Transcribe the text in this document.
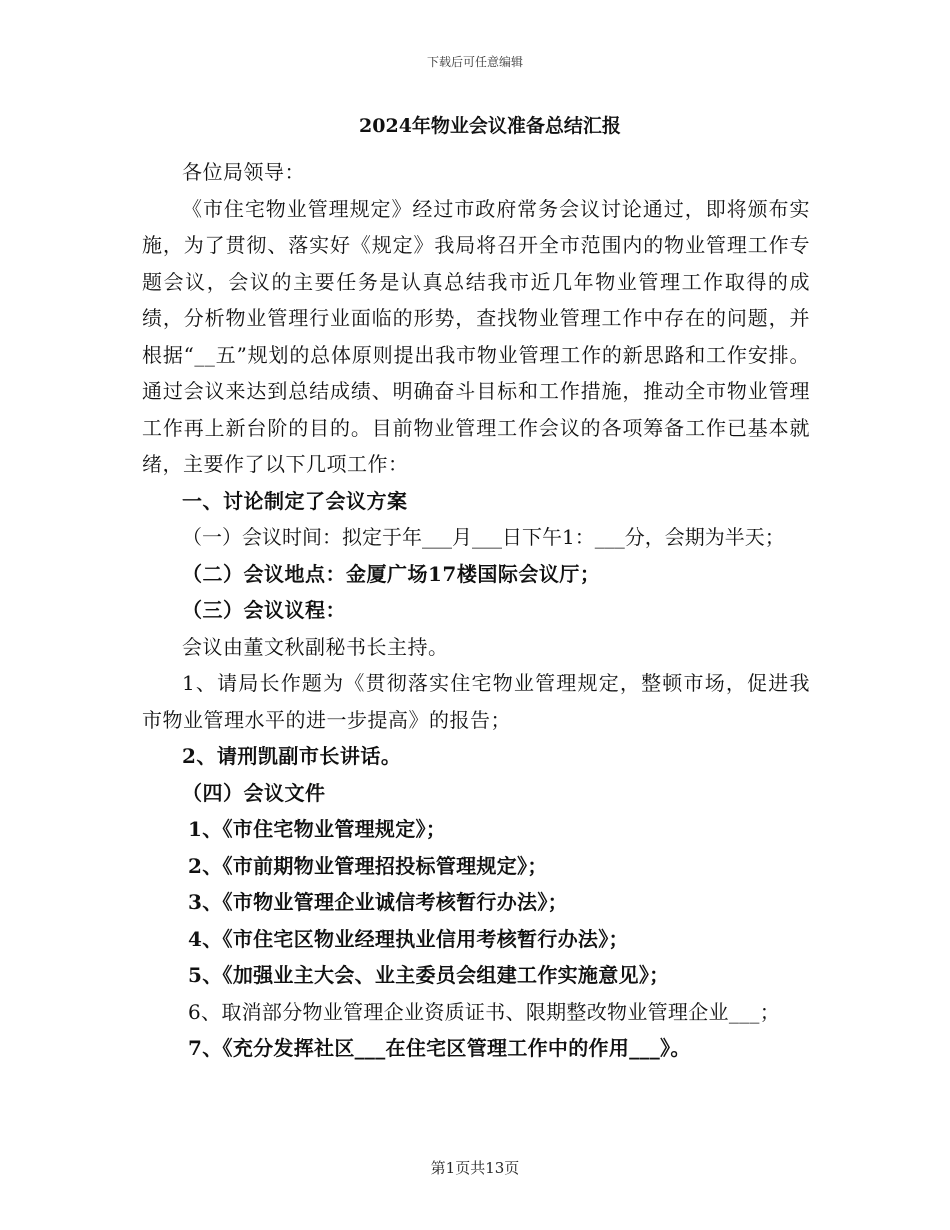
下载后可任意编辑
2024年物业会议准备总结汇报

各位局领导：

《市住宅物业管理规定》经过市政府常务会议讨论通过，即将颁布实施，为了贯彻、落实好《规定》我局将召开全市范围内的物业管理工作专题会议，会议的主要任务是认真总结我市近几年物业管理工作取得的成绩，分析物业管理行业面临的形势，查找物业管理工作中存在的问题，并根据“__五”规划的总体原则提出我市物业管理工作的新思路和工作安排。通过会议来达到总结成绩、明确奋斗目标和工作措施，推动全市物业管理工作再上新台阶的目的。目前物业管理工作会议的各项筹备工作已基本就绪，主要作了以下几项工作：

一、讨论制定了会议方案

（一）会议时间：拟定于年___月___日下午1：___分，会期为半天；

（二）会议地点：金厦广场17楼国际会议厅；

（三）会议议程：

会议由董文秋副秘书长主持。

1、请局长作题为《贯彻落实住宅物业管理规定，整顿市场，促进我市物业管理水平的进一步提高》的报告；

2、请刑凯副市长讲话。

（四）会议文件

1、《市住宅物业管理规定》；

2、《市前期物业管理招投标管理规定》；

3、《市物业管理企业诚信考核暂行办法》；

4、《市住宅区物业经理执业信用考核暂行办法》；

5、《加强业主大会、业主委员会组建工作实施意见》；

6、取消部分物业管理企业资质证书、限期整改物业管理企业___；

7、《充分发挥社区___在住宅区管理工作中的作用___》。

第1页共13页
